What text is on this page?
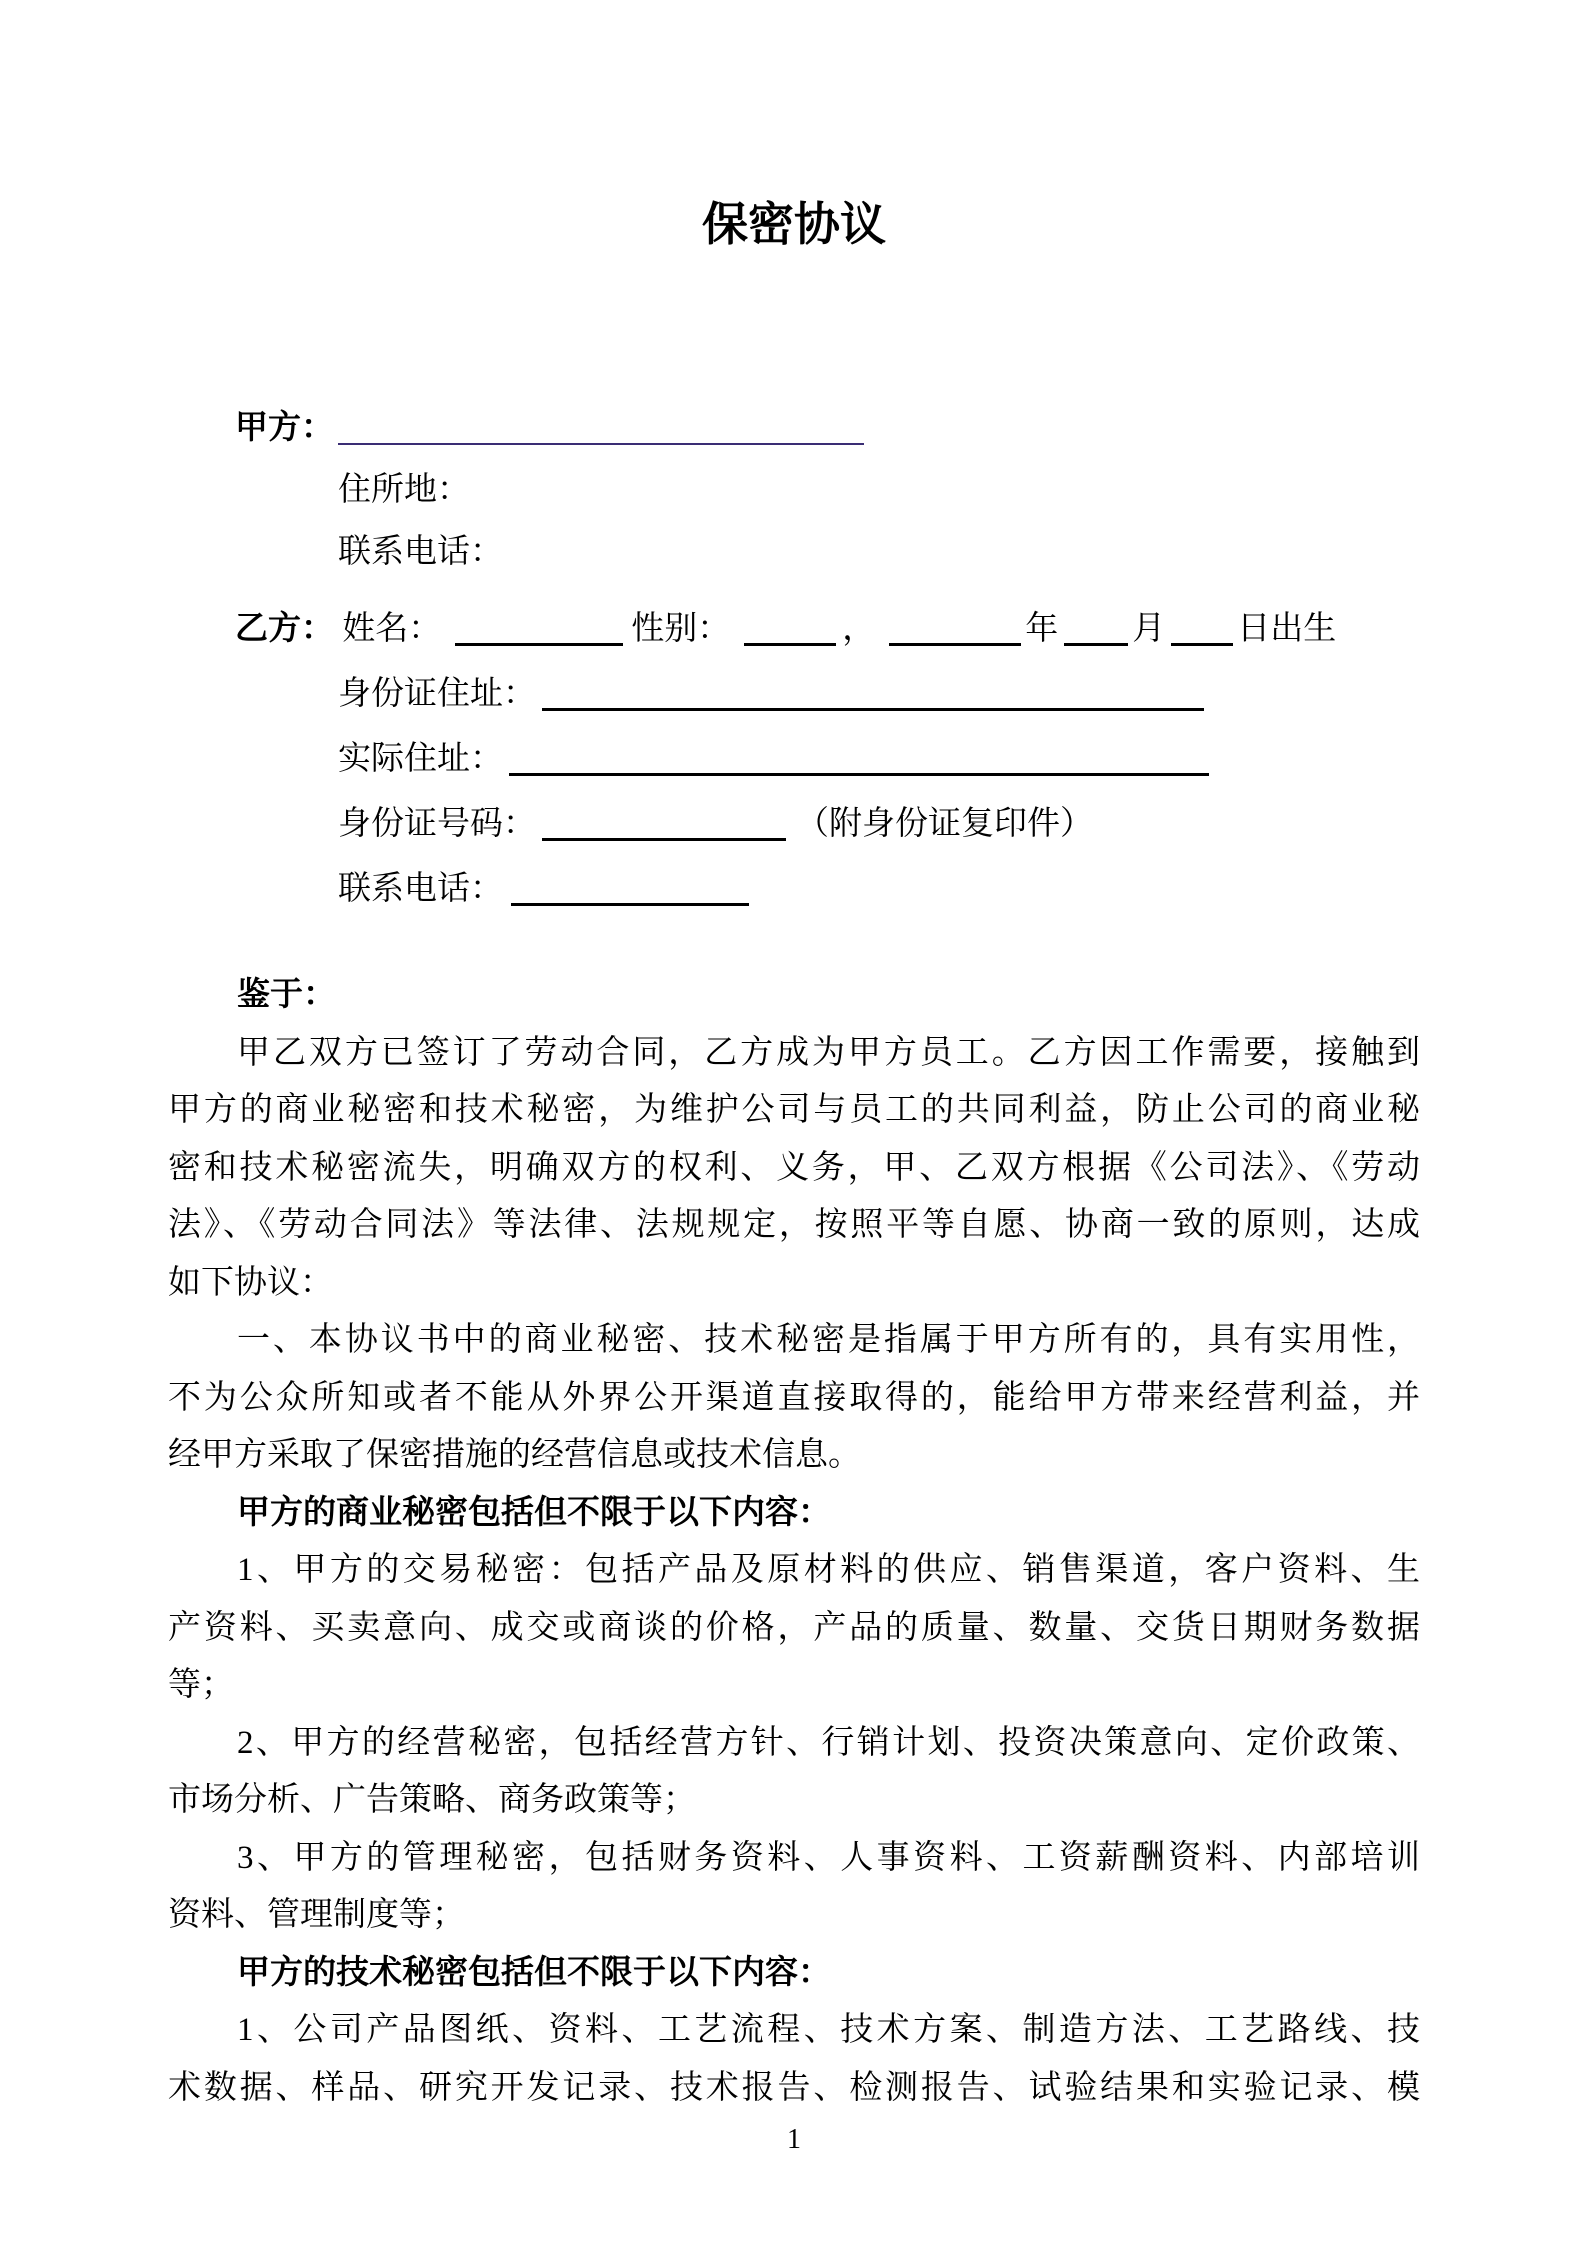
保密协议
甲方：
住所地：
联系电话：
乙方： 姓名：	性别：	，	年 月 日出生
身份证住址：
实际住址：
身份证号码：	（附身份证复印件）
联系电话：
鉴于：
甲乙双方已签订了劳动合同，乙方成为甲方员工。乙方因工作需要，接触到
甲方的商业秘密和技术秘密，为维护公司与员工的共同利益，防止公司的商业秘
密和技术秘密流失，明确双方的权利、义务，甲、乙双方根据《公司法》、《劳动
法》、《劳动合同法》等法律、法规规定，按照平等自愿、协商一致的原则，达成
如下协议：
一、本协议书中的商业秘密、技术秘密是指属于甲方所有的，具有实用性，
不为公众所知或者不能从外界公开渠道直接取得的，能给甲方带来经营利益，并
经甲方采取了保密措施的经营信息或技术信息。
甲方的商业秘密包括但不限于以下内容：
1、甲方的交易秘密：包括产品及原材料的供应、销售渠道，客户资料、生
产资料、买卖意向、成交或商谈的价格，产品的质量、数量、交货日期财务数据
等；
2、甲方的经营秘密，包括经营方针、行销计划、投资决策意向、定价政策、
市场分析、广告策略、商务政策等；
3、甲方的管理秘密，包括财务资料、人事资料、工资薪酬资料、内部培训
资料、管理制度等；
甲方的技术秘密包括但不限于以下内容：
1、公司产品图纸、资料、工艺流程、技术方案、制造方法、工艺路线、技
术数据、样品、研究开发记录、技术报告、检测报告、试验结果和实验记录、模
1
